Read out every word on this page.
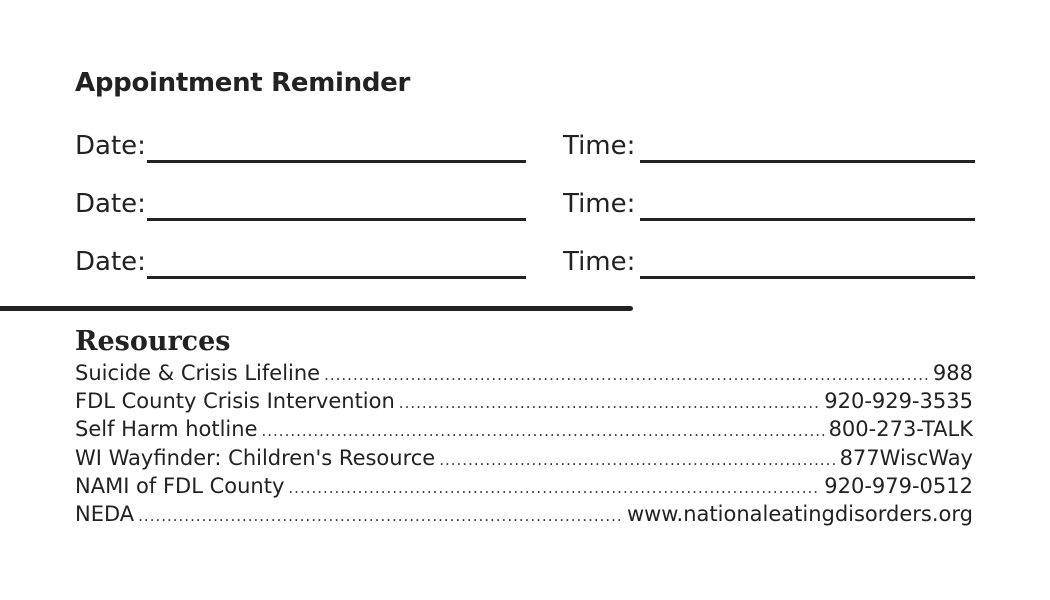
Appointment Reminder
Date:	Time:
Date:	Time:
Date:	Time:
Resources
Suicide & Crisis Lifeline .....	988
FDL County Crisis Intervention .....	920-929-3535
Self Harm hotline .....	800-273-TALK
WI Wayfinder: Children's Resource .....	877WiscWay
NAMI of FDL County .....	920-979-0512
NEDA .....	www.nationaleatingdisorders.org
